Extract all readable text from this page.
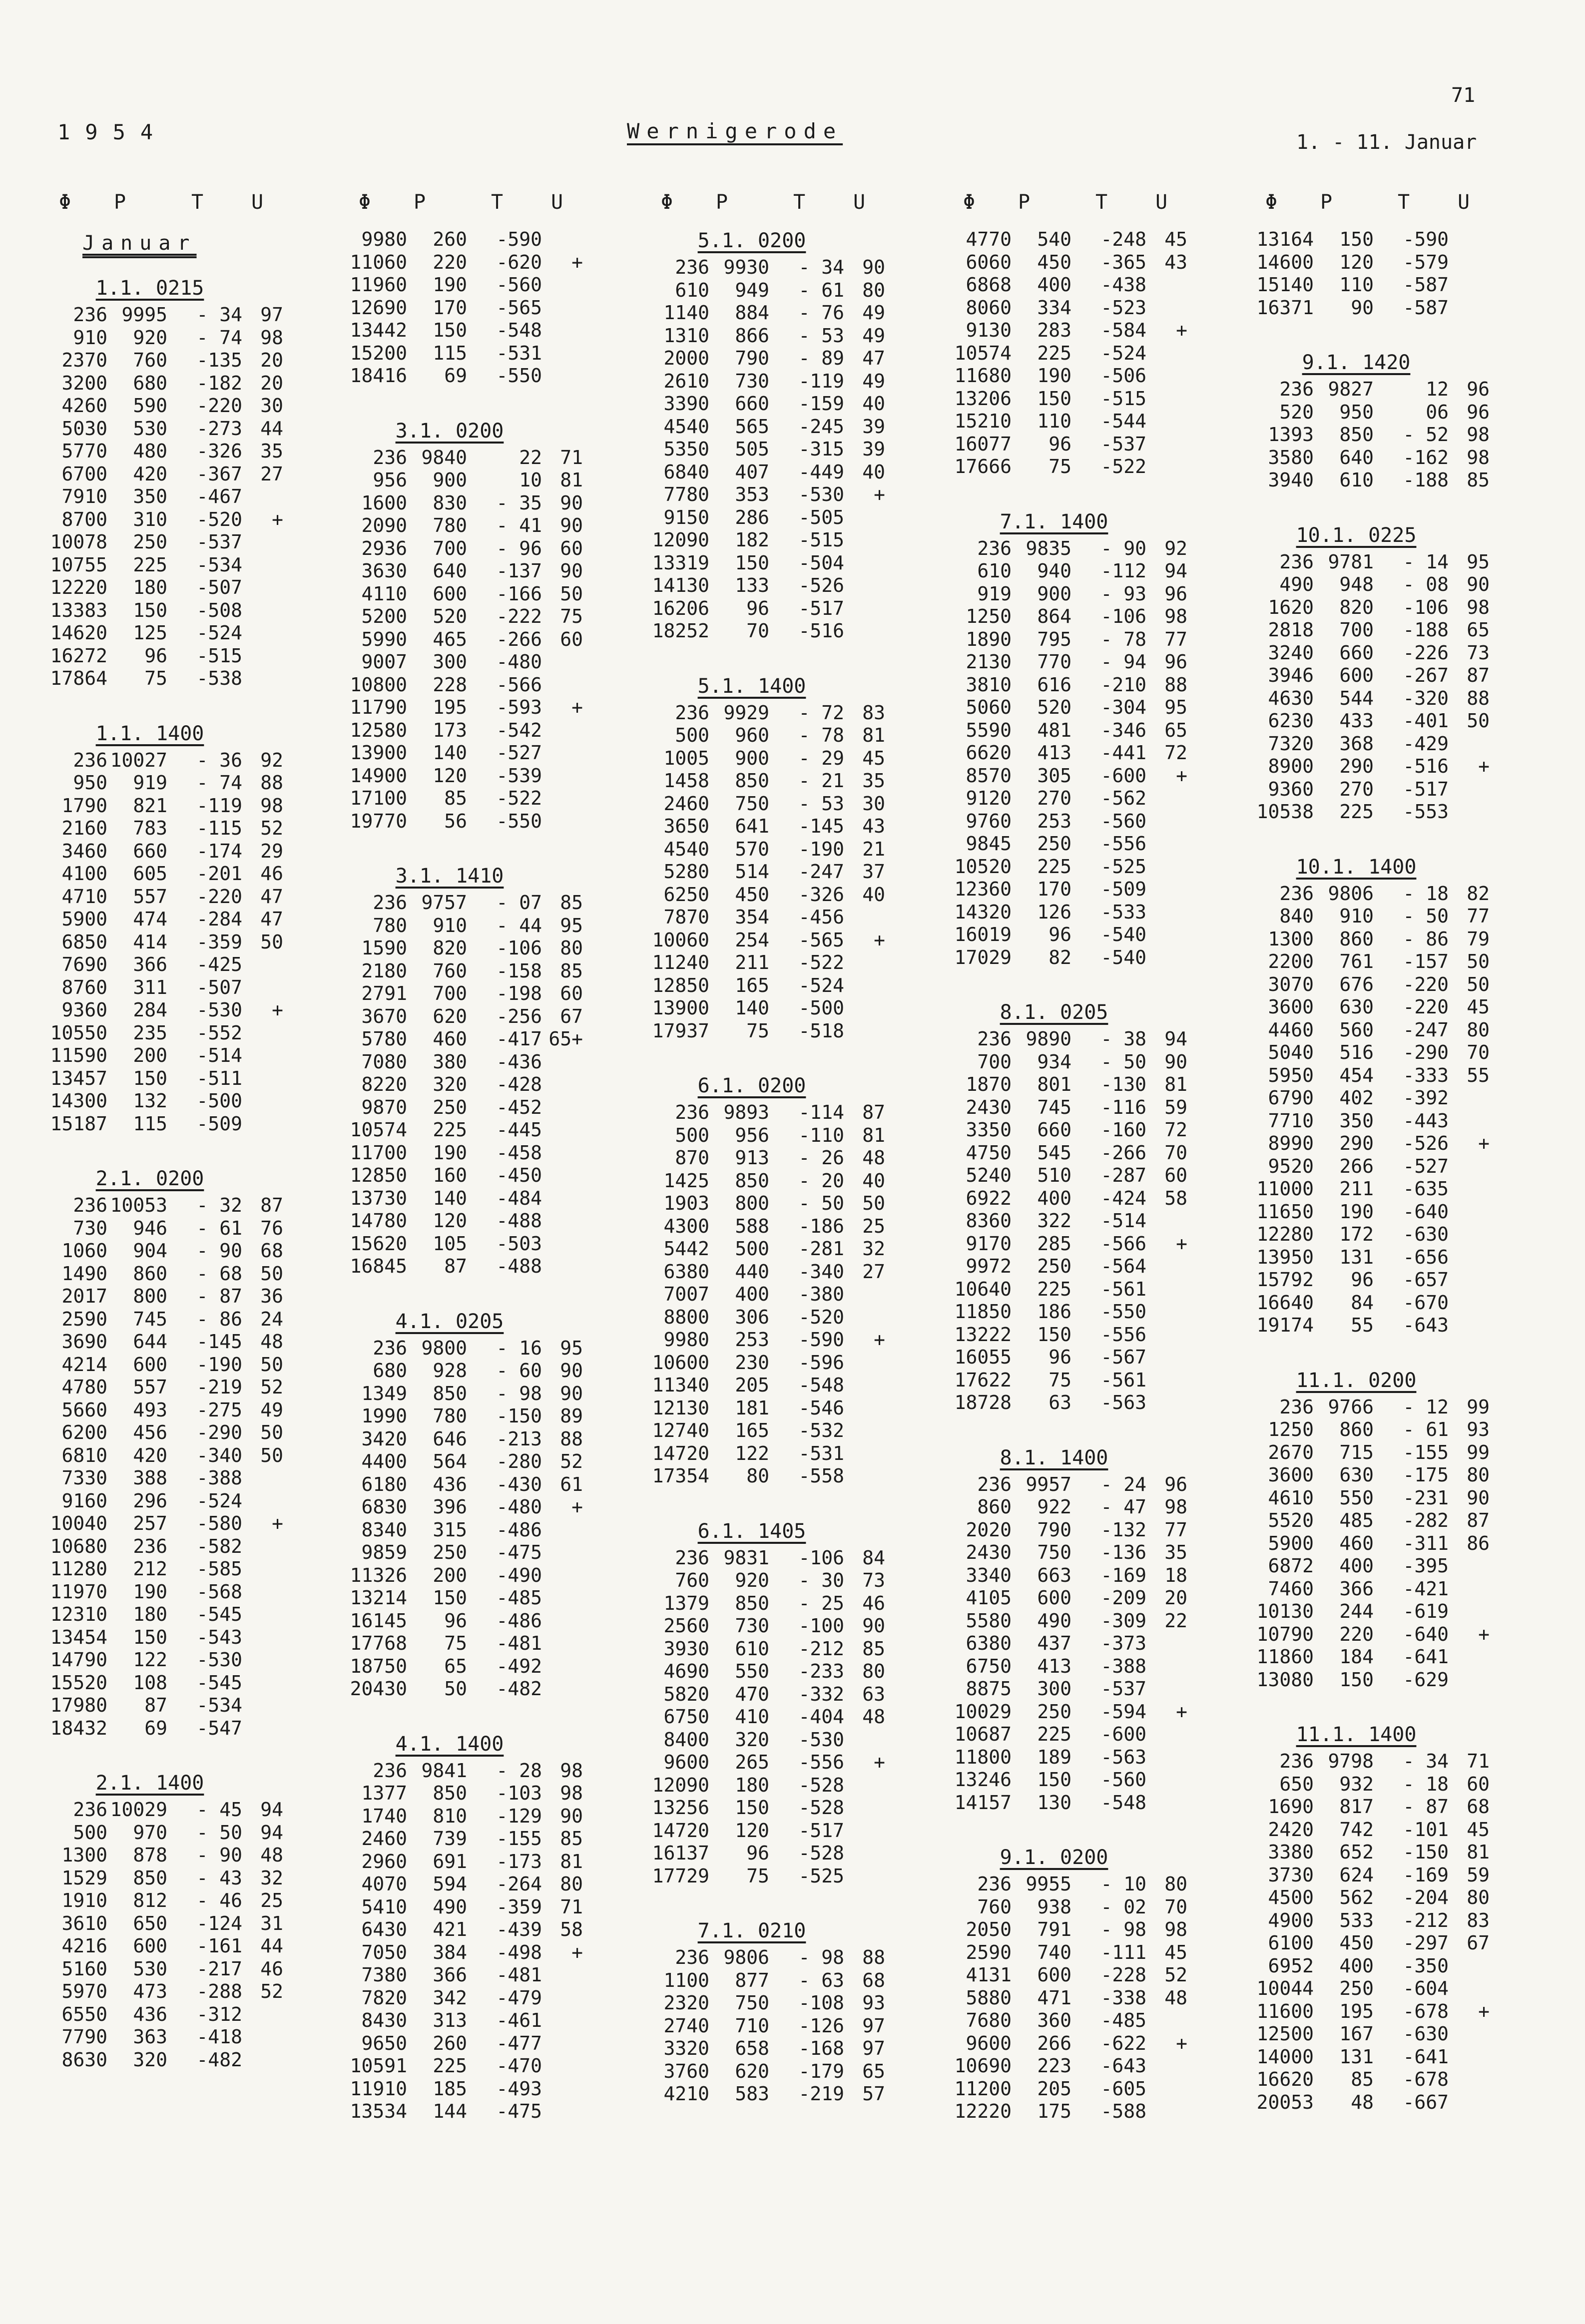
71
1954	Wernigerode	1. - 11. Januar
Φ	P	T	U
Januar
1.1. 0215
236 9995	- 34 97
910	920	- 74 98
2370	760	-135 20
3200	680	-182 20
4260	590	-220 30
5030	530	-273 44
5770	480	-326 35
6700	420	-367 27
7910	350	-467
8700	310	-520	+
10078	250	-537
10755	225	-534
12220	180	-507
13383	150	-508
14620	125	-524
16272	96	-515
17864	75	-538
1.1. 1400
236 10027	- 36 92
950	919	- 74 88
1790	821	-119 98
2160	783	-115 52
3460	660	-174 29
4100	605	-201 46
4710	557	-220 47
5900	474	-284 47
6850	414	-359 50
7690	366	-425
8760	311	-507
9360	284	-530	+
10550	235	-552
11590	200	-514
13457	150	-511
14300	132	-500
15187	115	-509
2.1. 0200
236 10053	- 32 87
730	946	- 61 76
1060	904	- 90 68
1490	860	- 68 50
2017	800	- 87 36
2590	745	- 86 24
3690	644	-145 48
4214	600	-190 50
4780	557	-219 52
5660	493	-275 49
6200	456	-290 50
6810	420	-340 50
7330	388	-388
9160	296	-524
10040	257	-580	+
10680	236	-582
11280	212	-585
11970	190	-568
12310	180	-545
13454	150	-543
14790	122	-530
15520	108	-545
17980	87	-534
18432	69	-547
2.1. 1400
236 10029	- 45 94
500	970	- 50 94
1300	878	- 90 48
1529	850	- 43 32
1910	812	- 46 25
3610	650	-124 31
4216	600	-161 44
5160	530	-217 46
5970	473	-288 52
6550	436	-312
7790	363	-418
8630	320	-482
Φ	P	T	U
9980	260	-590
11060	220	-620	+
11960	190	-560
12690	170	-565
13442	150	-548
15200	115	-531
18416	69	-550
3.1. 0200
236 9840	22 71
956	900	10 81
1600	830	- 35 90
2090	780	- 41 90
2936	700	- 96 60
3630	640	-137 90
4110	600	-166 50
5200	520	-222 75
5990	465	-266 60
9007	300	-480
10800	228	-566
11790	195	-593	+
12580	173	-542
13900	140	-527
14900	120	-539
17100	85	-522
19770	56	-550
3.1. 1410
236 9757	- 07 85
780	910	- 44 95
1590	820	-106 80
2180	760	-158 85
2791	700	-198 60
3670	620	-256 67
5780	460	-417 65+
7080	380	-436
8220	320	-428
9870	250	-452
10574	225	-445
11700	190	-458
12850	160	-450
13730	140	-484
14780	120	-488
15620	105	-503
16845	87	-488
4.1. 0205
236 9800	- 16 95
680	928	- 60 90
1349	850	- 98 90
1990	780	-150 89
3420	646	-213 88
4400	564	-280 52
6180	436	-430 61
6830	396	-480	+
8340	315	-486
9859	250	-475
11326	200	-490
13214	150	-485
16145	96	-486
17768	75	-481
18750	65	-492
20430	50	-482
4.1. 1400
236 9841	- 28 98
1377	850	-103 98
1740	810	-129 90
2460	739	-155 85
2960	691	-173 81
4070	594	-264 80
5410	490	-359 71
6430	421	-439 58
7050	384	-498	+
7380	366	-481
7820	342	-479
8430	313	-461
9650	260	-477
10591	225	-470
11910	185	-493
13534	144	-475
Φ	P	T	U
5.1. 0200
236 9930	- 34 90
610	949	- 61 80
1140	884	- 76 49
1310	866	- 53 49
2000	790	- 89 47
2610	730	-119 49
3390	660	-159 40
4540	565	-245 39
5350	505	-315 39
6840	407	-449 40
7780	353	-530	+
9150	286	-505
12090	182	-515
13319	150	-504
14130	133	-526
16206	96	-517
18252	70	-516
5.1. 1400
236 9929	- 72 83
500	960	- 78 81
1005	900	- 29 45
1458	850	- 21 35
2460	750	- 53 30
3650	641	-145 43
4540	570	-190 21
5280	514	-247 37
6250	450	-326 40
7870	354	-456
10060	254	-565	+
11240	211	-522
12850	165	-524
13900	140	-500
17937	75	-518
6.1. 0200
236 9893	-114 87
500	956	-110 81
870	913	- 26 48
1425	850	- 20 40
1903	800	- 50 50
4300	588	-186 25
5442	500	-281 32
6380	440	-340 27
7007	400	-380
8800	306	-520
9980	253	-590	+
10600	230	-596
11340	205	-548
12130	181	-546
12740	165	-532
14720	122	-531
17354	80	-558
6.1. 1405
236 9831	-106 84
760	920	- 30 73
1379	850	- 25 46
2560	730	-100 90
3930	610	-212 85
4690	550	-233 80
5820	470	-332 63
6750	410	-404 48
8400	320	-530
9600	265	-556	+
12090	180	-528
13256	150	-528
14720	120	-517
16137	96	-528
17729	75	-525
7.1. 0210
236 9806	- 98 88
1100	877	- 63 68
2320	750	-108 93
2740	710	-126 97
3320	658	-168 97
3760	620	-179 65
4210	583	-219 57
Φ	P	T	U
4770	540	-248 45
6060	450	-365 43
6868	400	-438
8060	334	-523
9130	283	-584	+
10574	225	-524
11680	190	-506
13206	150	-515
15210	110	-544
16077	96	-537
17666	75	-522
7.1. 1400
236 9835	- 90 92
610	940	-112 94
919	900	- 93 96
1250	864	-106 98
1890	795	- 78 77
2130	770	- 94 96
3810	616	-210 88
5060	520	-304 95
5590	481	-346 65
6620	413	-441 72
8570	305	-600	+
9120	270	-562
9760	253	-560
9845	250	-556
10520	225	-525
12360	170	-509
14320	126	-533
16019	96	-540
17029	82	-540
8.1. 0205
236 9890	- 38 94
700	934	- 50 90
1870	801	-130 81
2430	745	-116 59
3350	660	-160 72
4750	545	-266 70
5240	510	-287 60
6922	400	-424 58
8360	322	-514
9170	285	-566	+
9972	250	-564
10640	225	-561
11850	186	-550
13222	150	-556
16055	96	-567
17622	75	-561
18728	63	-563
8.1. 1400
236 9957	- 24 96
860	922	- 47 98
2020	790	-132 77
2430	750	-136 35
3340	663	-169 18
4105	600	-209 20
5580	490	-309 22
6380	437	-373
6750	413	-388
8875	300	-537
10029	250	-594	+
10687	225	-600
11800	189	-563
13246	150	-560
14157	130	-548
9.1. 0200
236 9955	- 10 80
760	938	- 02 70
2050	791	- 98 98
2590	740	-111 45
4131	600	-228 52
5880	471	-338 48
7680	360	-485
9600	266	-622	+
10690	223	-643
11200	205	-605
12220	175	-588
Φ	P	T	U
13164	150	-590
14600	120	-579
15140	110	-587
16371	90	-587
9.1. 1420
236 9827	12 96
520	950	06 96
1393	850	- 52 98
3580	640	-162 98
3940	610	-188 85
10.1. 0225
236 9781	- 14 95
490	948	- 08 90
1620	820	-106 98
2818	700	-188 65
3240	660	-226 73
3946	600	-267 87
4630	544	-320 88
6230	433	-401 50
7320	368	-429
8900	290	-516	+
9360	270	-517
10538	225	-553
10.1. 1400
236 9806	- 18 82
840	910	- 50 77
1300	860	- 86 79
2200	761	-157 50
3070	676	-220 50
3600	630	-220 45
4460	560	-247 80
5040	516	-290 70
5950	454	-333 55
6790	402	-392
7710	350	-443
8990	290	-526	+
9520	266	-527
11000	211	-635
11650	190	-640
12280	172	-630
13950	131	-656
15792	96	-657
16640	84	-670
19174	55	-643
11.1. 0200
236 9766	- 12 99
1250	860	- 61 93
2670	715	-155 99
3600	630	-175 80
4610	550	-231 90
5520	485	-282 87
5900	460	-311 86
6872	400	-395
7460	366	-421
10130	244	-619
10790	220	-640	+
11860	184	-641
13080	150	-629
11.1. 1400
236 9798	- 34 71
650	932	- 18 60
1690	817	- 87 68
2420	742	-101 45
3380	652	-150 81
3730	624	-169 59
4500	562	-204 80
4900	533	-212 83
6100	450	-297 67
6952	400	-350
10044	250	-604
11600	195	-678	+
12500	167	-630
14000	131	-641
16620	85	-678
20053	48	-667
